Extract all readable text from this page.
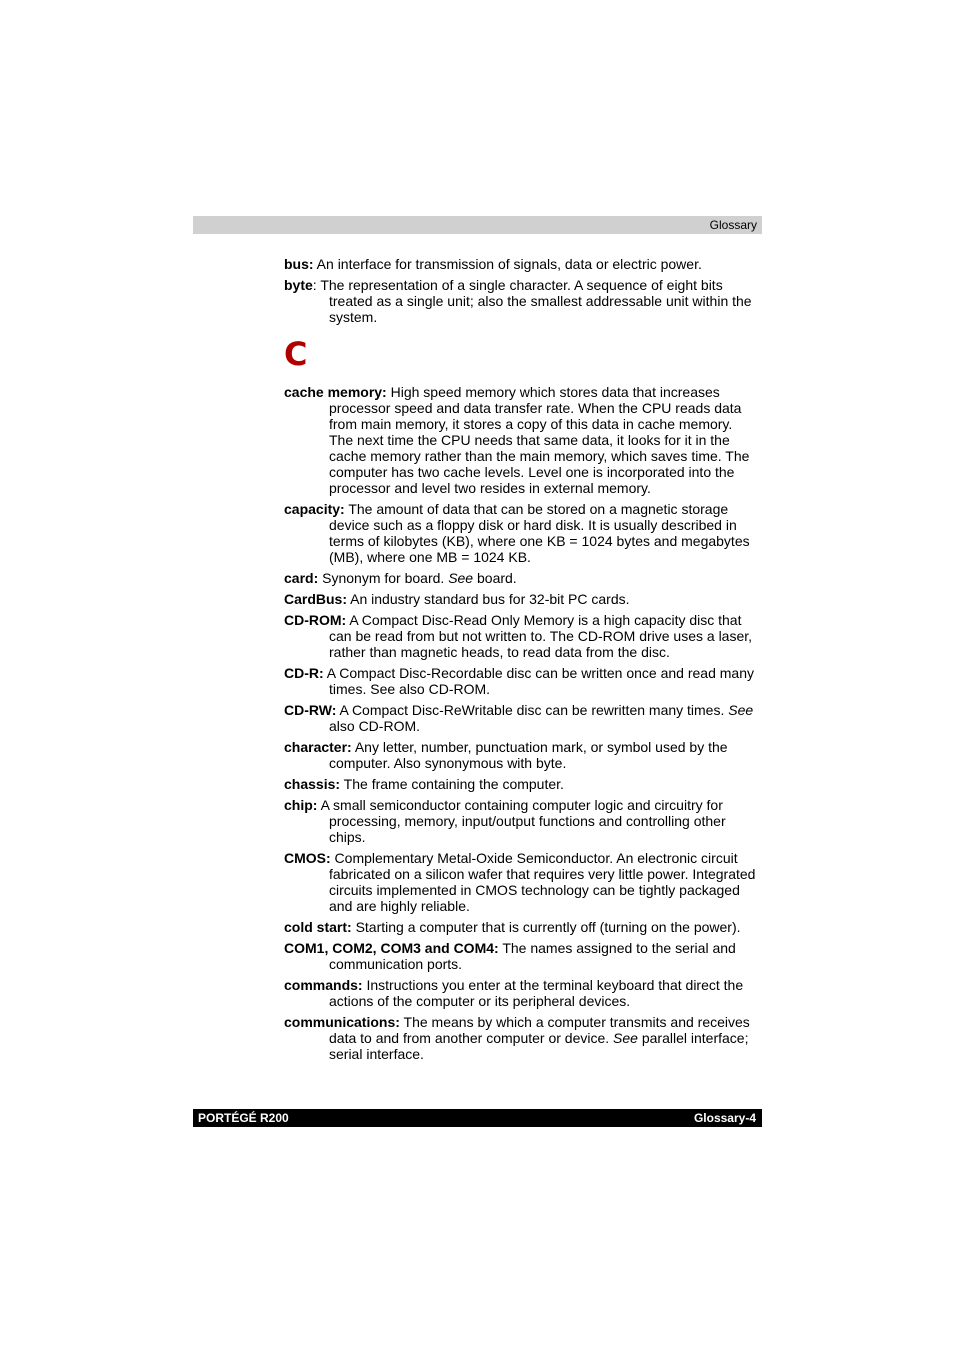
Glossary

bus: An interface for transmission of signals, data or electric power.

byte: The representation of a single character. A sequence of eight bits treated as a single unit; also the smallest addressable unit within the system.

C

cache memory: High speed memory which stores data that increases processor speed and data transfer rate. When the CPU reads data from main memory, it stores a copy of this data in cache memory. The next time the CPU needs that same data, it looks for it in the cache memory rather than the main memory, which saves time. The computer has two cache levels. Level one is incorporated into the processor and level two resides in external memory.

capacity: The amount of data that can be stored on a magnetic storage device such as a floppy disk or hard disk. It is usually described in terms of kilobytes (KB), where one KB = 1024 bytes and megabytes (MB), where one MB = 1024 KB.

card: Synonym for board. See board.

CardBus: An industry standard bus for 32-bit PC cards.

CD-ROM: A Compact Disc-Read Only Memory is a high capacity disc that can be read from but not written to. The CD-ROM drive uses a laser, rather than magnetic heads, to read data from the disc.

CD-R: A Compact Disc-Recordable disc can be written once and read many times. See also CD-ROM.

CD-RW: A Compact Disc-ReWritable disc can be rewritten many times. See also CD-ROM.

character: Any letter, number, punctuation mark, or symbol used by the computer. Also synonymous with byte.

chassis: The frame containing the computer.

chip: A small semiconductor containing computer logic and circuitry for processing, memory, input/output functions and controlling other chips.

CMOS: Complementary Metal-Oxide Semiconductor. An electronic circuit fabricated on a silicon wafer that requires very little power. Integrated circuits implemented in CMOS technology can be tightly packaged and are highly reliable.

cold start: Starting a computer that is currently off (turning on the power).

COM1, COM2, COM3 and COM4: The names assigned to the serial and communication ports.

commands: Instructions you enter at the terminal keyboard that direct the actions of the computer or its peripheral devices.

communications: The means by which a computer transmits and receives data to and from another computer or device. See parallel interface; serial interface.

PORTÉGÉ R200	Glossary-4
